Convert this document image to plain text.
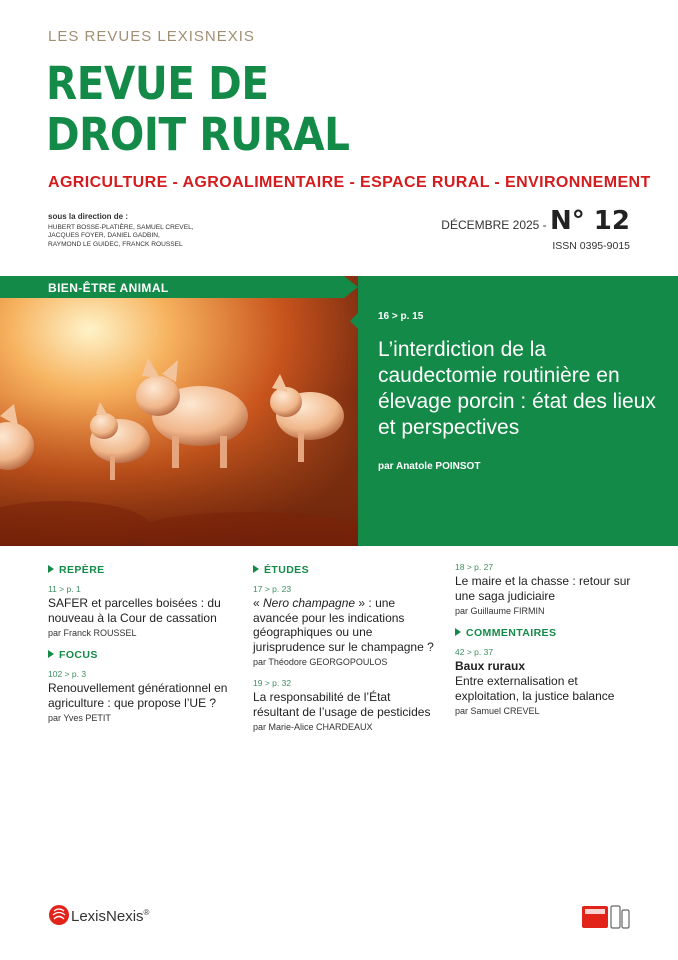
LES REVUES LEXISNEXIS
REVUE DE
DROIT RURAL
AGRICULTURE - AGROALIMENTAIRE - ESPACE RURAL - ENVIRONNEMENT
sous la direction de :
HUBERT BOSSE-PLATIÈRE, SAMUEL CREVEL,
JACQUES FOYER, DANIEL GADBIN,
RAYMOND LE GUIDEC, FRANCK ROUSSEL
DÉCEMBRE 2025 - N° 12
ISSN 0395-9015
BIEN-ÊTRE ANIMAL
16 > p. 15
L’interdiction de la caudectomie routinière en élevage porcin : état des lieux et perspectives
par Anatole POINSOT
REPÈRE
11 > p. 1
SAFER et parcelles boisées : du nouveau à la Cour de cassation
par Franck ROUSSEL
FOCUS
102 > p. 3
Renouvellement générationnel en agriculture : que propose l’UE ?
par Yves PETIT
ÉTUDES
17 > p. 23
« Nero champagne » : une avancée pour les indications géographiques ou une jurisprudence sur le champagne ?
par Théodore GEORGOPOULOS
19 > p. 32
La responsabilité de l’État résultant de l’usage de pesticides
par Marie-Alice CHARDEAUX
18 > p. 27
Le maire et la chasse : retour sur une saga judiciaire
par Guillaume FIRMIN
COMMENTAIRES
42 > p. 37
Baux ruraux
Entre externalisation et exploitation, la justice balance
par Samuel CREVEL
LexisNexis®
